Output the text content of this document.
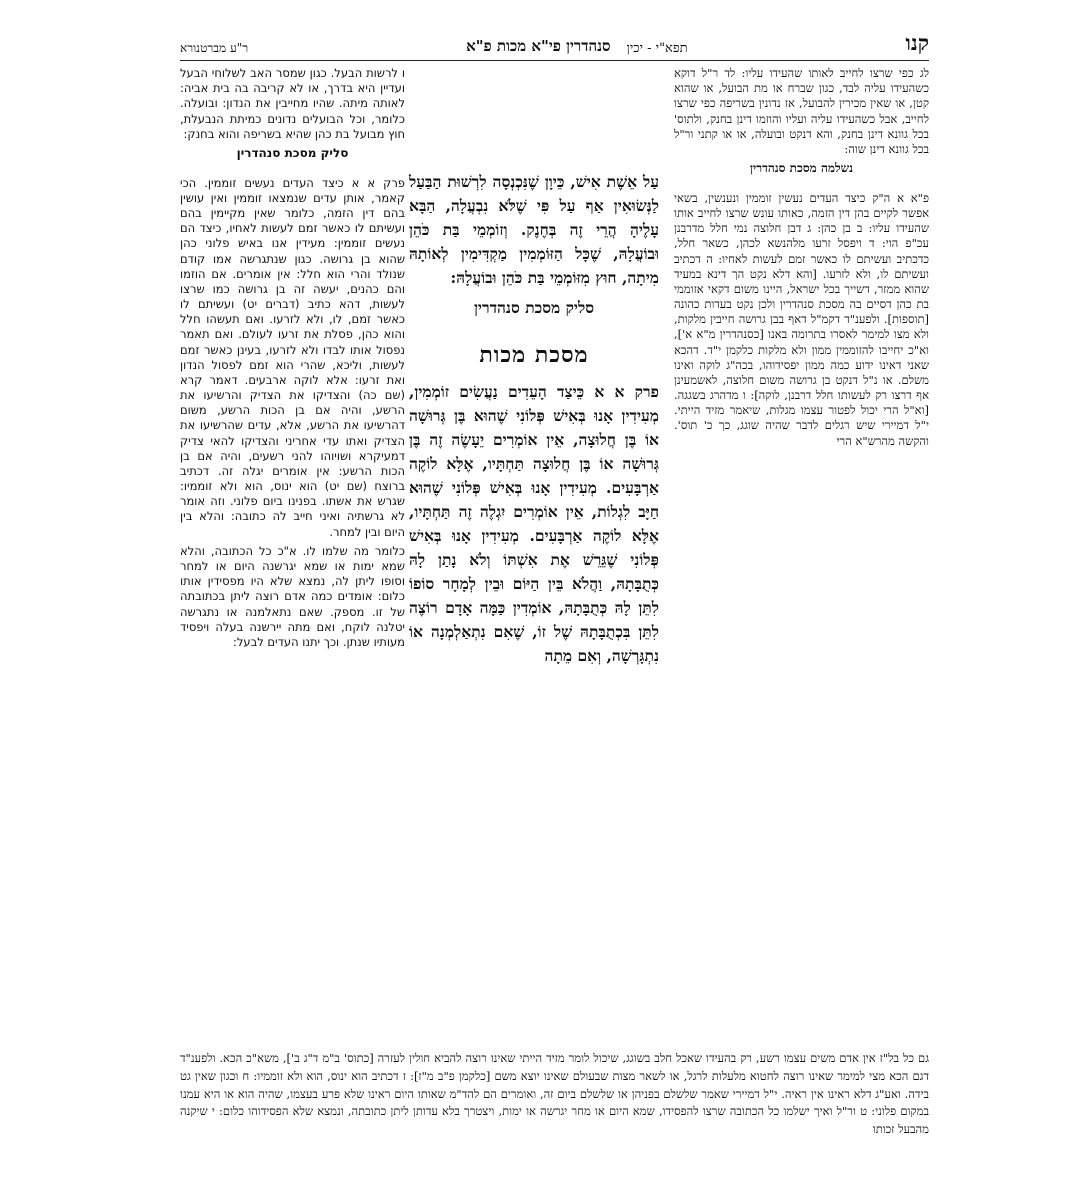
קנו
תפא"י - יכין
סנהדרין פי"א מכות פ"א
ר"ע מברטנורא

לג כפי שרצו לחייב לאותו שהעידו עליו: לד ר"ל דוקא כשהעידו עליה לבד, כגון שברח או מת הבועל, או שהוא קטן, או שאין מכירין להבועל, אז נדונין בשריפה כפי שרצו לחייב, אבל כשהעידו עליה ועליו והוזמו דינן בחנק, ולתוס' בכל גוונא דינן בחנק, והא דנקט ובועלה, או או קתני ור"ל בכל גוונא דינן שוה:

נשלמה מסכת סנהדרין

פ"א א ה"ק כיצד העדים נעשין זוממין ונענשין, בשאי אפשר לקיים בהן דין הזמה, כאותו עונש שרצו לחייב אותו שהעידו עליו: ב בן כהן: ג דבן חלוצה נמי חלל מדרבנן עכ"פ הוי: ד ויפסל זרעו מלהנשא לכהן, כשאר חלל, כדכתיב ועשיתם לו כאשר זמם לעשות לאחיו: ה דכתיב ועשיתם לו, ולא לזרעו. [והא דלא נקט הך דינא במעיד שהוא ממזר, דשייך בכל ישראל, היינו משום דקאי אזוממי בת כהן דסיים בה מסכת סנהדרין ולכן נקט בעדות כהונה [תוספות]. ולפענ"ד דקמ"ל דאף בבן גרושה חייבין מלקות, ולא מצו למימר לאסרו בתרומה באנו [כסנהדרין מ"א א'], וא"כ יחייבו להזוממין ממון ולא מלקות כלקמן י"ד. דהכא שאני דאינו ידוע כמה ממון יפסידוהו, בכה"ג לוקה ואינו משלם. או נ"ל דנקט בן גרושה משום חלוצה, לאשמעינן אף דרצו רק לעשותו חלל דרבנן, לוקה]: ו מדהרג בשגגה. [וא"ל הרי יכול לפטור עצמו מגלות, שיאמר מזיד הייתי. י"ל דמיירי שיש רגלים לדבר שהיה שוגג, כך כ' תוס'. והקשה מהרש"א הרי

עַל אֵשֶׁת אִישׁ, כֵּיוָן שֶׁנִּכְנְסָה לִרְשׁוּת הַבַּעַל לַנְּשׂוּאִין אַף עַל פִּי שֶׁלֹּא נִבְעֲלָה, הַבָּא עָלֶיהָ הֲרֵי זֶה בְּחֶנֶק. וְזוֹמְמֵי בַּת כֹּהֵן וּבוֹעֲלָהּ, שֶׁכָּל הַזּוֹמְמִין מַקְדִּימִין לְאוֹתָהּ מִיתָה, חוּץ מִזּוֹמְמֵי בַּת כֹּהֵן וּבוֹעֲלָהּ:

סליק מסכת סנהדרין
מסכת מכות

פרק א א כֵּיצַד הָעֵדִים נַעֲשִׂים זוֹמְמִין, מְעִידִין אָנוּ בְּאִישׁ פְּלוֹנִי שֶׁהוּא בֶּן גְּרוּשָׁה אוֹ בֶּן חֲלוּצָה, אֵין אוֹמְרִים יֵעָשֶׂה זֶה בֶּן גְּרוּשָׁה אוֹ בֶּן חֲלוּצָה תַּחְתָּיו, אֶלָּא לוֹקֶה אַרְבָּעִים. מְעִידִין אָנוּ בְּאִישׁ פְּלוֹנִי שֶׁהוּא חַיָּב לִגְלוֹת, אֵין אוֹמְרִים יִגְלֶה זֶה תַּחְתָּיו, אֶלָּא לוֹקֶה אַרְבָּעִים. מְעִידִין אָנוּ בְּאִישׁ פְּלוֹנִי שֶׁגֵּרֵשׁ אֶת אִשְׁתּוֹ וְלֹא נָתַן לָהּ כְּתֻבָּתָהּ, וַהֲלֹא בֵּין הַיּוֹם וּבֵין לְמָחָר סוֹפוֹ לִתֵּן לָהּ כְּתֻבָּתָהּ, אוֹמְדִין כַּמָּה אָדָם רוֹצֶה לִתֵּן בִּכְתֻבָּתָהּ שֶׁל זוֹ, שֶׁאִם נִתְאַלְמְנָה אוֹ נִתְגָּרְשָׁה, וְאִם מֵתָה

ו לרשות הבעל. כגון שמסר האב לשלוחי הבעל ועדיין היא בדרך, או לא קריבה בה בית אביה: לאותה מיתה. שהיו מחייבין את הנדון: ובועלה. כלומר, וכל הבועלים נדונים כמיתת הנבעלת, חוץ מבועל בת כהן שהיא בשריפה והוא בחנק:

סליק מסכת סנהדרין

פרק א א כיצד העדים נעשים זוממין. הכי קאמר, אותן עדים שנמצאו זוממין ואין עושין בהם דין הזמה, כלומר שאין מקיימין בהם ועשיתם לו כאשר זמם לעשות לאחיו, כיצד הם נעשים זוממין: מעידין אנו באיש פלוני כהן שהוא בן גרושה. כגון שנתגרשה אמו קודם שנולד והרי הוא חלל: אין אומרים. אם הוזמו והם כהנים, יעשה זה בן גרושה כמו שרצו לעשות, דהא כתיב (דברים יט) ועשיתם לו כאשר זמם, לו, ולא לזרעו. ואם תעשהו חלל והוא כהן, פסלת את זרעו לעולם. ואם תאמר נפסול אותו לבדו ולא לזרעו, בעינן כאשר זמם לעשות, וליכא, שהרי הוא זמם לפסול הנדון ואת זרעו: אלא לוקה ארבעים. דאמר קרא (שם כה) והצדיקו את הצדיק והרשיעו את הרשע, והיה אם בן הכות הרשע, משום דהרשיעו את הרשע, אלא, עדים שהרשיעו את הצדיק ואתו עדי אחריני והצדיקו להאי צדיק דמעיקרא ושויוהו להני רשעים, והיה אם בן הכות הרשע: אין אומרים יגלה זה. דכתיב ברוצח (שם יט) הוא ינוס, הוא ולא זוממיו: שגרש את אשתו. בפנינו ביום פלוני. וזה אומר לא גרשתיה ואיני חייב לה כתובה: והלא בין היום ובין למחר.

כלומר מה שלמו לו. א"כ כל הכתובה, והלא שמא ימות או שמא יגרשנה היום או למחר וסופו ליתן לה, נמצא שלא היו מפסידין אותו כלום: אומדים כמה אדם רוצה ליתן בכתובתה של זו. מספק. שאם נתאלמנה או נתגרשה יטלנה לוקח, ואם מתה יירשנה בעלה ויפסיד מעותיו שנתן. וכך יתנו העדים לבעל:

גם כל בל"ז אין אדם משים עצמו רשע, רק בהעידו שאכל חלב בשוגג, שיכול לומר מזיד הייתי שאינו רוצה להביא חולין לעזרה [כתוס' ב"מ ד"ג ב'], משא"כ הכא. ולפענ"ד דגם הכא מצי למימר שאינו רוצה לחטוא מלעלות לרגל, או לשאר מצות שבעולם שאינו יוצא משם [כלקמן פ"ב מ"ז]: ז דכתיב הוא ינוס, הוא ולא זוממיו: ח וכגון שאין גט בידה. ואע"ג דלא ראינו אין ראיה. י"ל דמיירי שאמר שלשלם בפניהן או שלשלם ביום זה, ואומרים הם להד"מ שאותו היום ראינו שלא פרע בעצמו, שהיה הוא או היא עמנו במקום פלוני: ט ור"ל ואיך ישלמו כל הכתובה שרצו להפסידו, שמא היום או מחר יגרשה או ימות, ויצטרך בלא עדותן ליתן כתובתה, ונמצא שלא הפסידוהו כלום: י שיקנה מהבעל זכותו
